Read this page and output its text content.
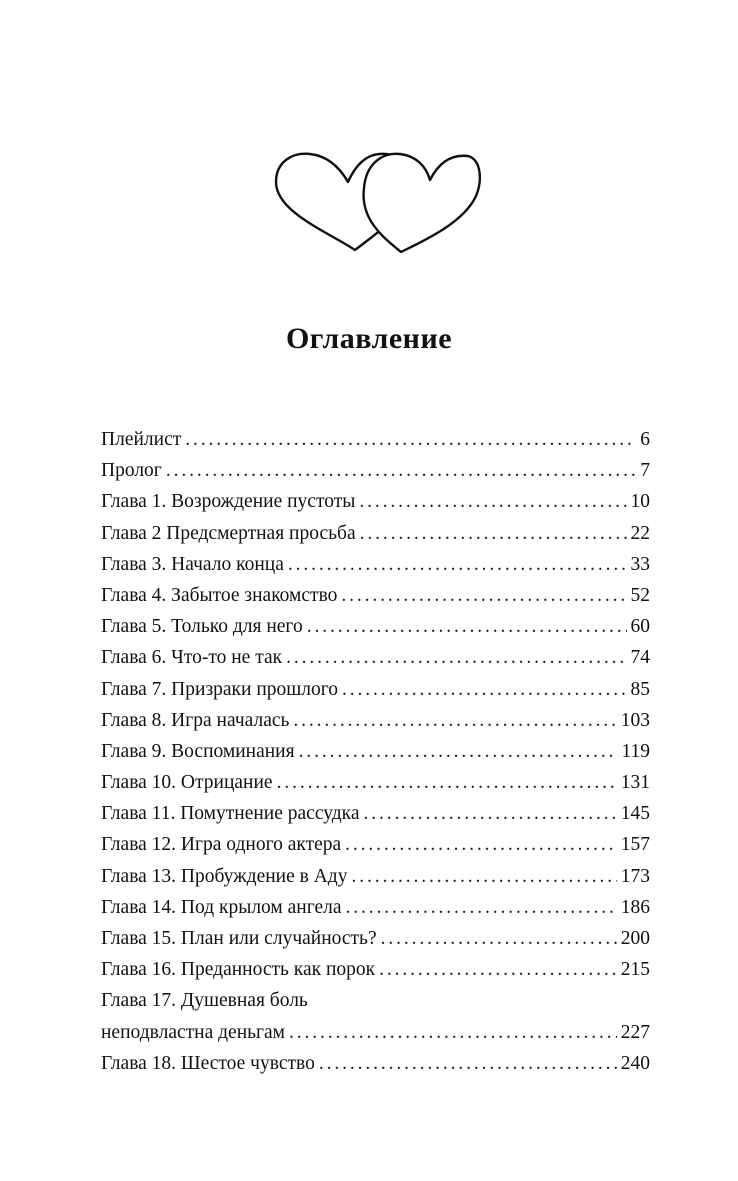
Оглавление
Плейлист . . .	6
Пролог . . .	7
Глава 1. Возрождение пустоты . . .	10
Глава 2 Предсмертная просьба . . .	22
Глава 3. Начало конца . . .	33
Глава 4. Забытое знакомство . . .	52
Глава 5. Только для него . . .	60
Глава 6. Что-то не так . . .	74
Глава 7. Призраки прошлого . . .	85
Глава 8. Игра началась . . .	103
Глава 9. Воспоминания . . .	119
Глава 10. Отрицание . . .	131
Глава 11. Помутнение рассудка . . .	145
Глава 12. Игра одного актера . . .	157
Глава 13. Пробуждение в Аду . . .	173
Глава 14. Под крылом ангела . . .	186
Глава 15. План или случайность? . . .	200
Глава 16. Преданность как порок . . .	215
Глава 17. Душевная боль
неподвластна деньгам . . .	227
Глава 18. Шестое чувство . . .	240
